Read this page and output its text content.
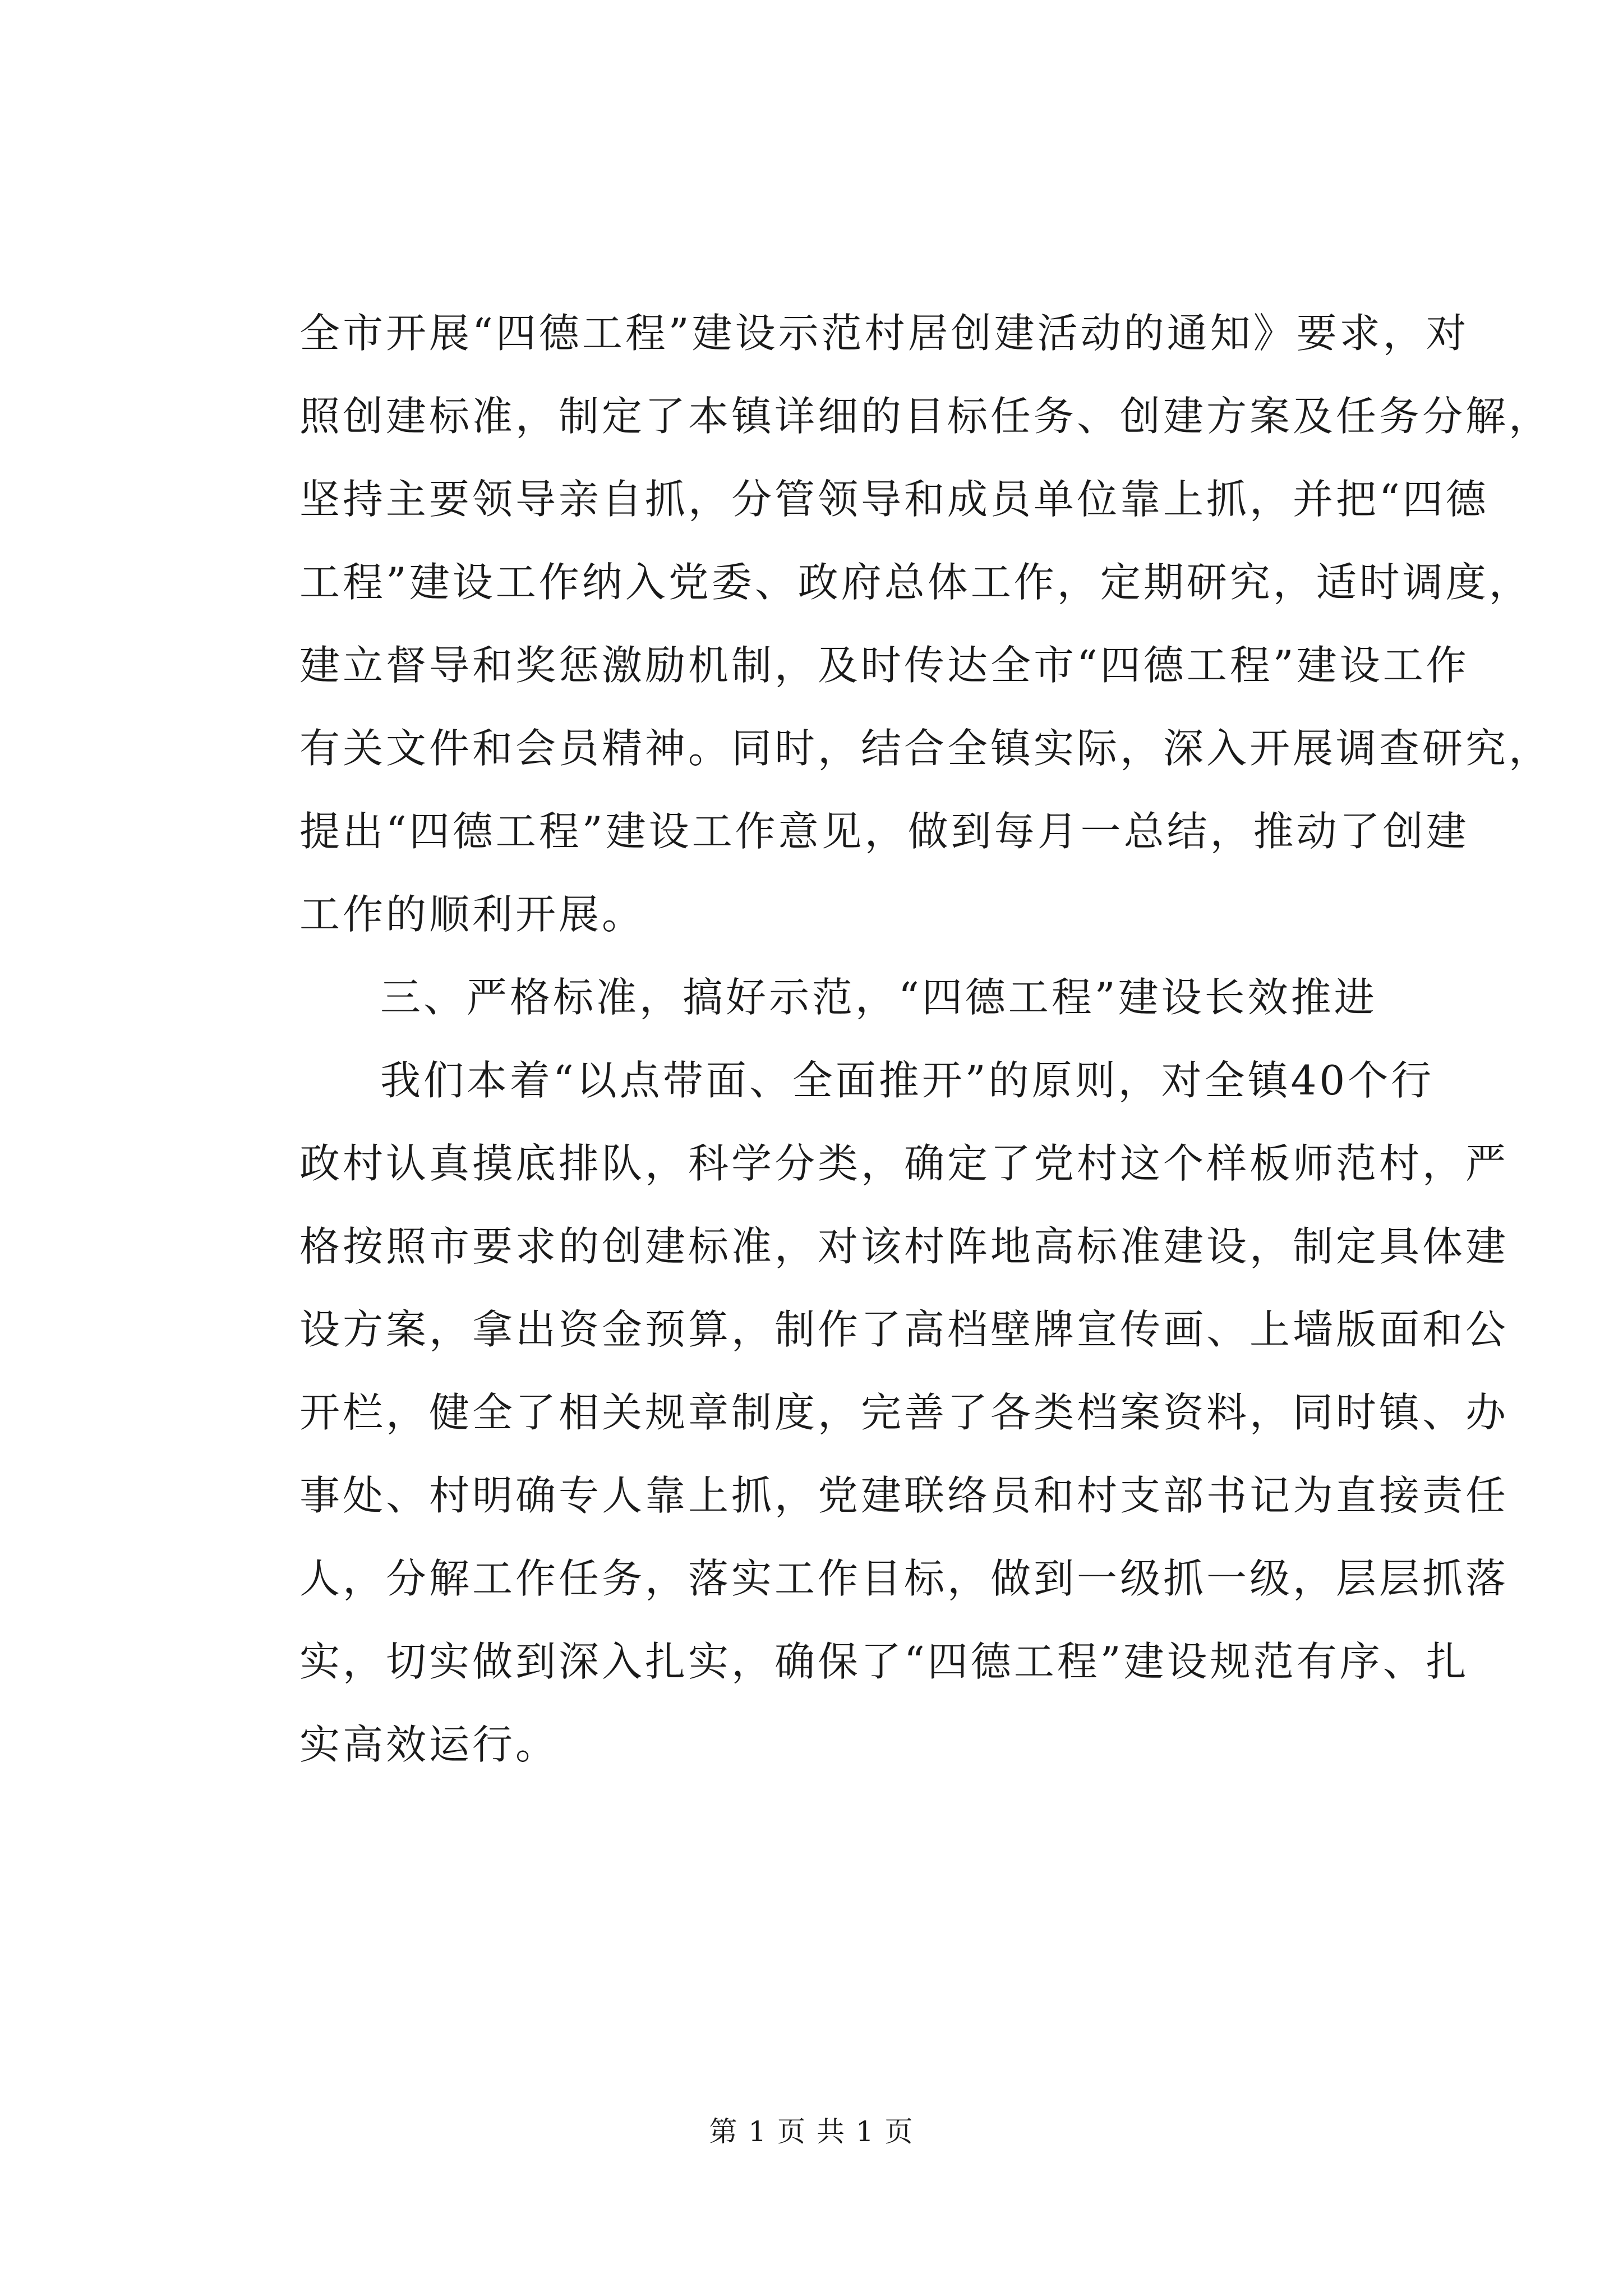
全市开展“四德工程”建设示范村居创建活动的通知》要求，对
照创建标准，制定了本镇详细的目标任务、创建方案及任务分解，
坚持主要领导亲自抓，分管领导和成员单位靠上抓，并把“四德
工程”建设工作纳入党委、政府总体工作，定期研究，适时调度，
建立督导和奖惩激励机制，及时传达全市“四德工程”建设工作
有关文件和会员精神。同时，结合全镇实际，深入开展调查研究，
提出“四德工程”建设工作意见，做到每月一总结，推动了创建
工作的顺利开展。
三、严格标准，搞好示范，“四德工程”建设长效推进
我们本着“以点带面、全面推开”的原则，对全镇40个行
政村认真摸底排队，科学分类，确定了党村这个样板师范村，严
格按照市要求的创建标准，对该村阵地高标准建设，制定具体建
设方案，拿出资金预算，制作了高档壁牌宣传画、上墙版面和公
开栏，健全了相关规章制度，完善了各类档案资料，同时镇、办
事处、村明确专人靠上抓，党建联络员和村支部书记为直接责任
人，分解工作任务，落实工作目标，做到一级抓一级，层层抓落
实，切实做到深入扎实，确保了“四德工程”建设规范有序、扎
实高效运行。
第 1 页 共 1 页
